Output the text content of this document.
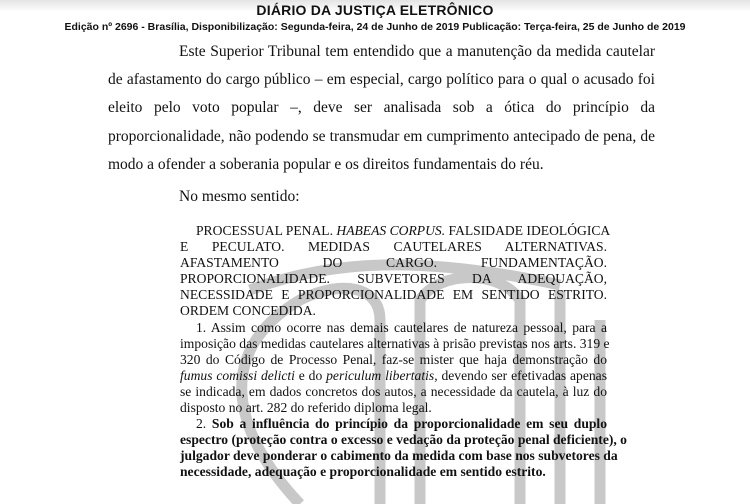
DIÁRIO DA JUSTIÇA ELETRÔNICO
Edição nº 2696 - Brasília, Disponibilização: Segunda-feira, 24 de Junho de 2019 Publicação: Terça-feira, 25 de Junho de 2019
Este Superior Tribunal tem entendido que a manutenção da medida cautelar
de afastamento do cargo público – em especial, cargo político para o qual o acusado foi
eleito pelo voto popular –, deve ser analisada sob a ótica do princípio da
proporcionalidade, não podendo se transmudar em cumprimento antecipado de pena, de
modo a ofender a soberania popular e os direitos fundamentais do réu.
No mesmo sentido:
PROCESSUAL PENAL. HABEAS CORPUS. FALSIDADE IDEOLÓGICA
E PECULATO. MEDIDAS CAUTELARES ALTERNATIVAS.
AFASTAMENTO DO CARGO. FUNDAMENTAÇÃO.
PROPORCIONALIDADE. SUBVETORES DA ADEQUAÇÃO,
NECESSIDADE E PROPORCIONALIDADE EM SENTIDO ESTRITO.
ORDEM CONCEDIDA.
1. Assim como ocorre nas demais cautelares de natureza pessoal, para a
imposição das medidas cautelares alternativas à prisão previstas nos arts. 319 e
320 do Código de Processo Penal, faz-se mister que haja demonstração do
fumus comissi delicti e do periculum libertatis, devendo ser efetivadas apenas
se indicada, em dados concretos dos autos, a necessidade da cautela, à luz do
disposto no art. 282 do referido diploma legal.
2. Sob a influência do princípio da proporcionalidade em seu duplo
espectro (proteção contra o excesso e vedação da proteção penal deficiente), o
julgador deve ponderar o cabimento da medida com base nos subvetores da
necessidade, adequação e proporcionalidade em sentido estrito.
